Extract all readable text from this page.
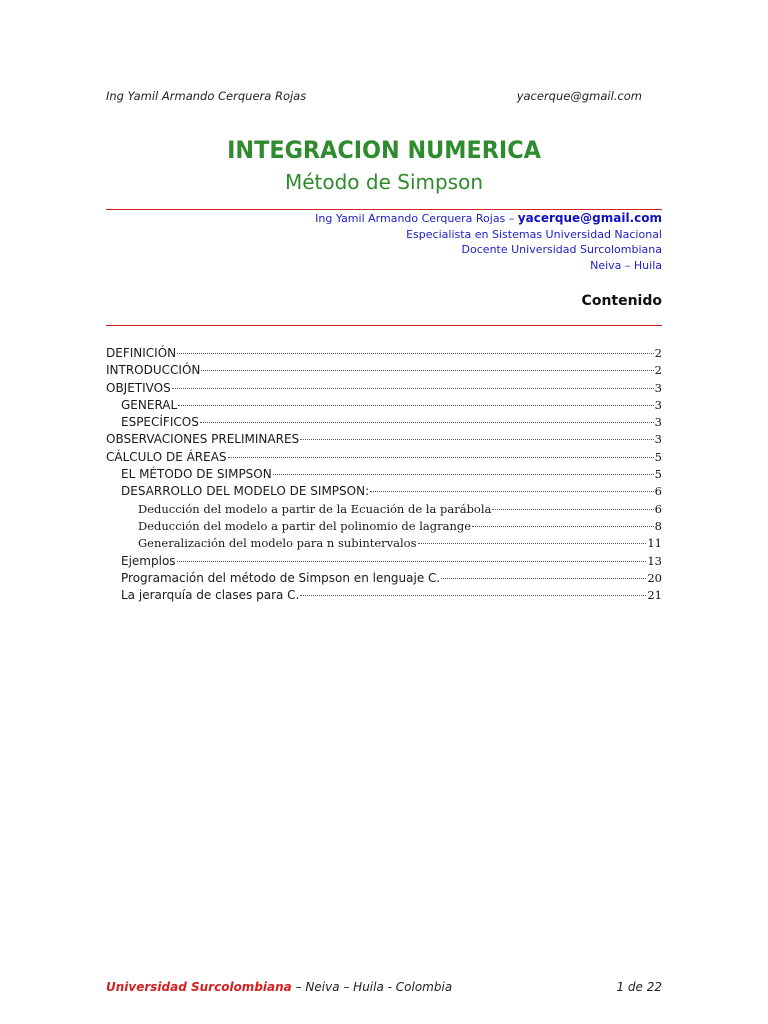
Ing Yamil Armando Cerquera Rojas	yacerque@gmail.com
INTEGRACION NUMERICA
Método de Simpson
Ing Yamil Armando Cerquera Rojas – yacerque@gmail.com
Especialista en Sistemas Universidad Nacional
Docente Universidad Surcolombiana
Neiva – Huila
Contenido
DEFINICIÓN	2
INTRODUCCIÓN	2
OBJETIVOS	3
GENERAL	3
ESPECÍFICOS	3
OBSERVACIONES PRELIMINARES	3
CÁLCULO DE ÁREAS	5
EL MÉTODO DE SIMPSON	5
DESARROLLO DEL MODELO DE SIMPSON:	6
Deducción del modelo a partir de la Ecuación de la parábola	6
Deducción del modelo a partir del polinomio de lagrange	8
Generalización del modelo para n subintervalos	11
Ejemplos	13
Programación del método de Simpson en lenguaje C.	20
La jerarquía de clases para C.	21
Universidad Surcolombiana – Neiva – Huila - Colombia	1 de 22
